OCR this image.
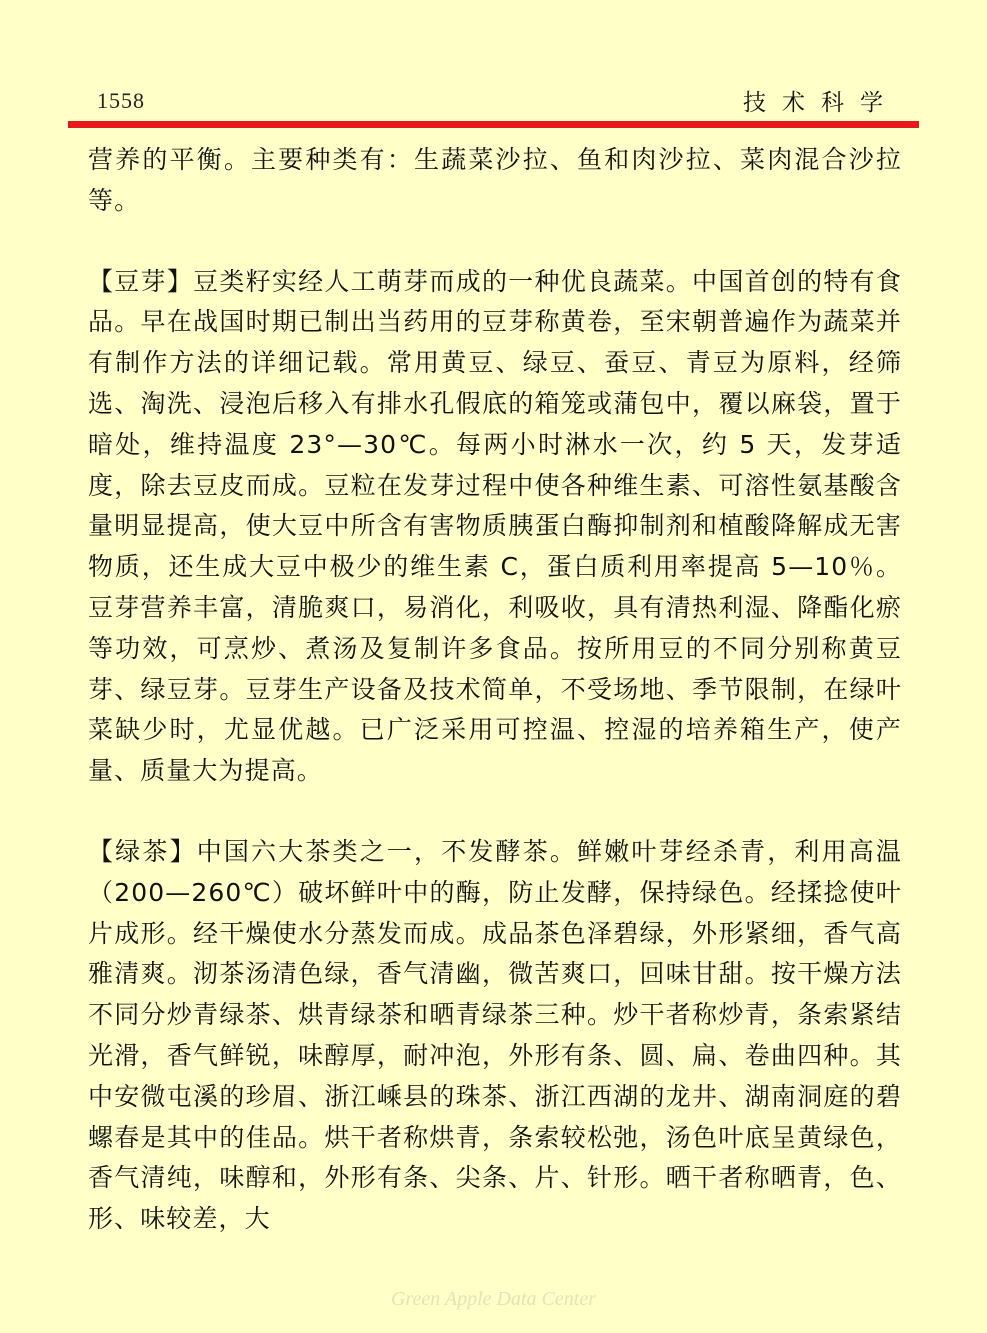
1558	技术科学

营养的平衡。主要种类有：生蔬菜沙拉、鱼和肉沙拉、菜肉混合沙拉等。

【豆芽】豆类籽实经人工萌芽而成的一种优良蔬菜。中国首创的特有食品。早在战国时期已制出当药用的豆芽称黄卷，至宋朝普遍作为蔬菜并有制作方法的详细记载。常用黄豆、绿豆、蚕豆、青豆为原料，经筛选、淘洗、浸泡后移入有排水孔假底的箱笼或蒲包中，覆以麻袋，置于暗处，维持温度 23°—30℃。每两小时淋水一次，约 5 天，发芽适度，除去豆皮而成。豆粒在发芽过程中使各种维生素、可溶性氨基酸含量明显提高，使大豆中所含有害物质胰蛋白酶抑制剂和植酸降解成无害物质，还生成大豆中极少的维生素 C，蛋白质利用率提高 5—10％。豆芽营养丰富，清脆爽口，易消化，利吸收，具有清热利湿、降酯化瘀等功效，可烹炒、煮汤及复制许多食品。按所用豆的不同分别称黄豆芽、绿豆芽。豆芽生产设备及技术简单，不受场地、季节限制，在绿叶菜缺少时，尤显优越。已广泛采用可控温、控湿的培养箱生产，使产量、质量大为提高。

【绿茶】中国六大茶类之一，不发酵茶。鲜嫩叶芽经杀青，利用高温（200—260℃）破坏鲜叶中的酶，防止发酵，保持绿色。经揉捻使叶片成形。经干燥使水分蒸发而成。成品茶色泽碧绿，外形紧细，香气高雅清爽。沏茶汤清色绿，香气清幽，微苦爽口，回味甘甜。按干燥方法不同分炒青绿茶、烘青绿茶和晒青绿茶三种。炒干者称炒青，条索紧结光滑，香气鲜锐，味醇厚，耐冲泡，外形有条、圆、扁、卷曲四种。其中安微屯溪的珍眉、浙江嵊县的珠茶、浙江西湖的龙井、湖南洞庭的碧螺春是其中的佳品。烘干者称烘青，条索较松弛，汤色叶底呈黄绿色，香气清纯，味醇和，外形有条、尖条、片、针形。晒干者称晒青，色、形、味较差，大

Green Apple Data Center
